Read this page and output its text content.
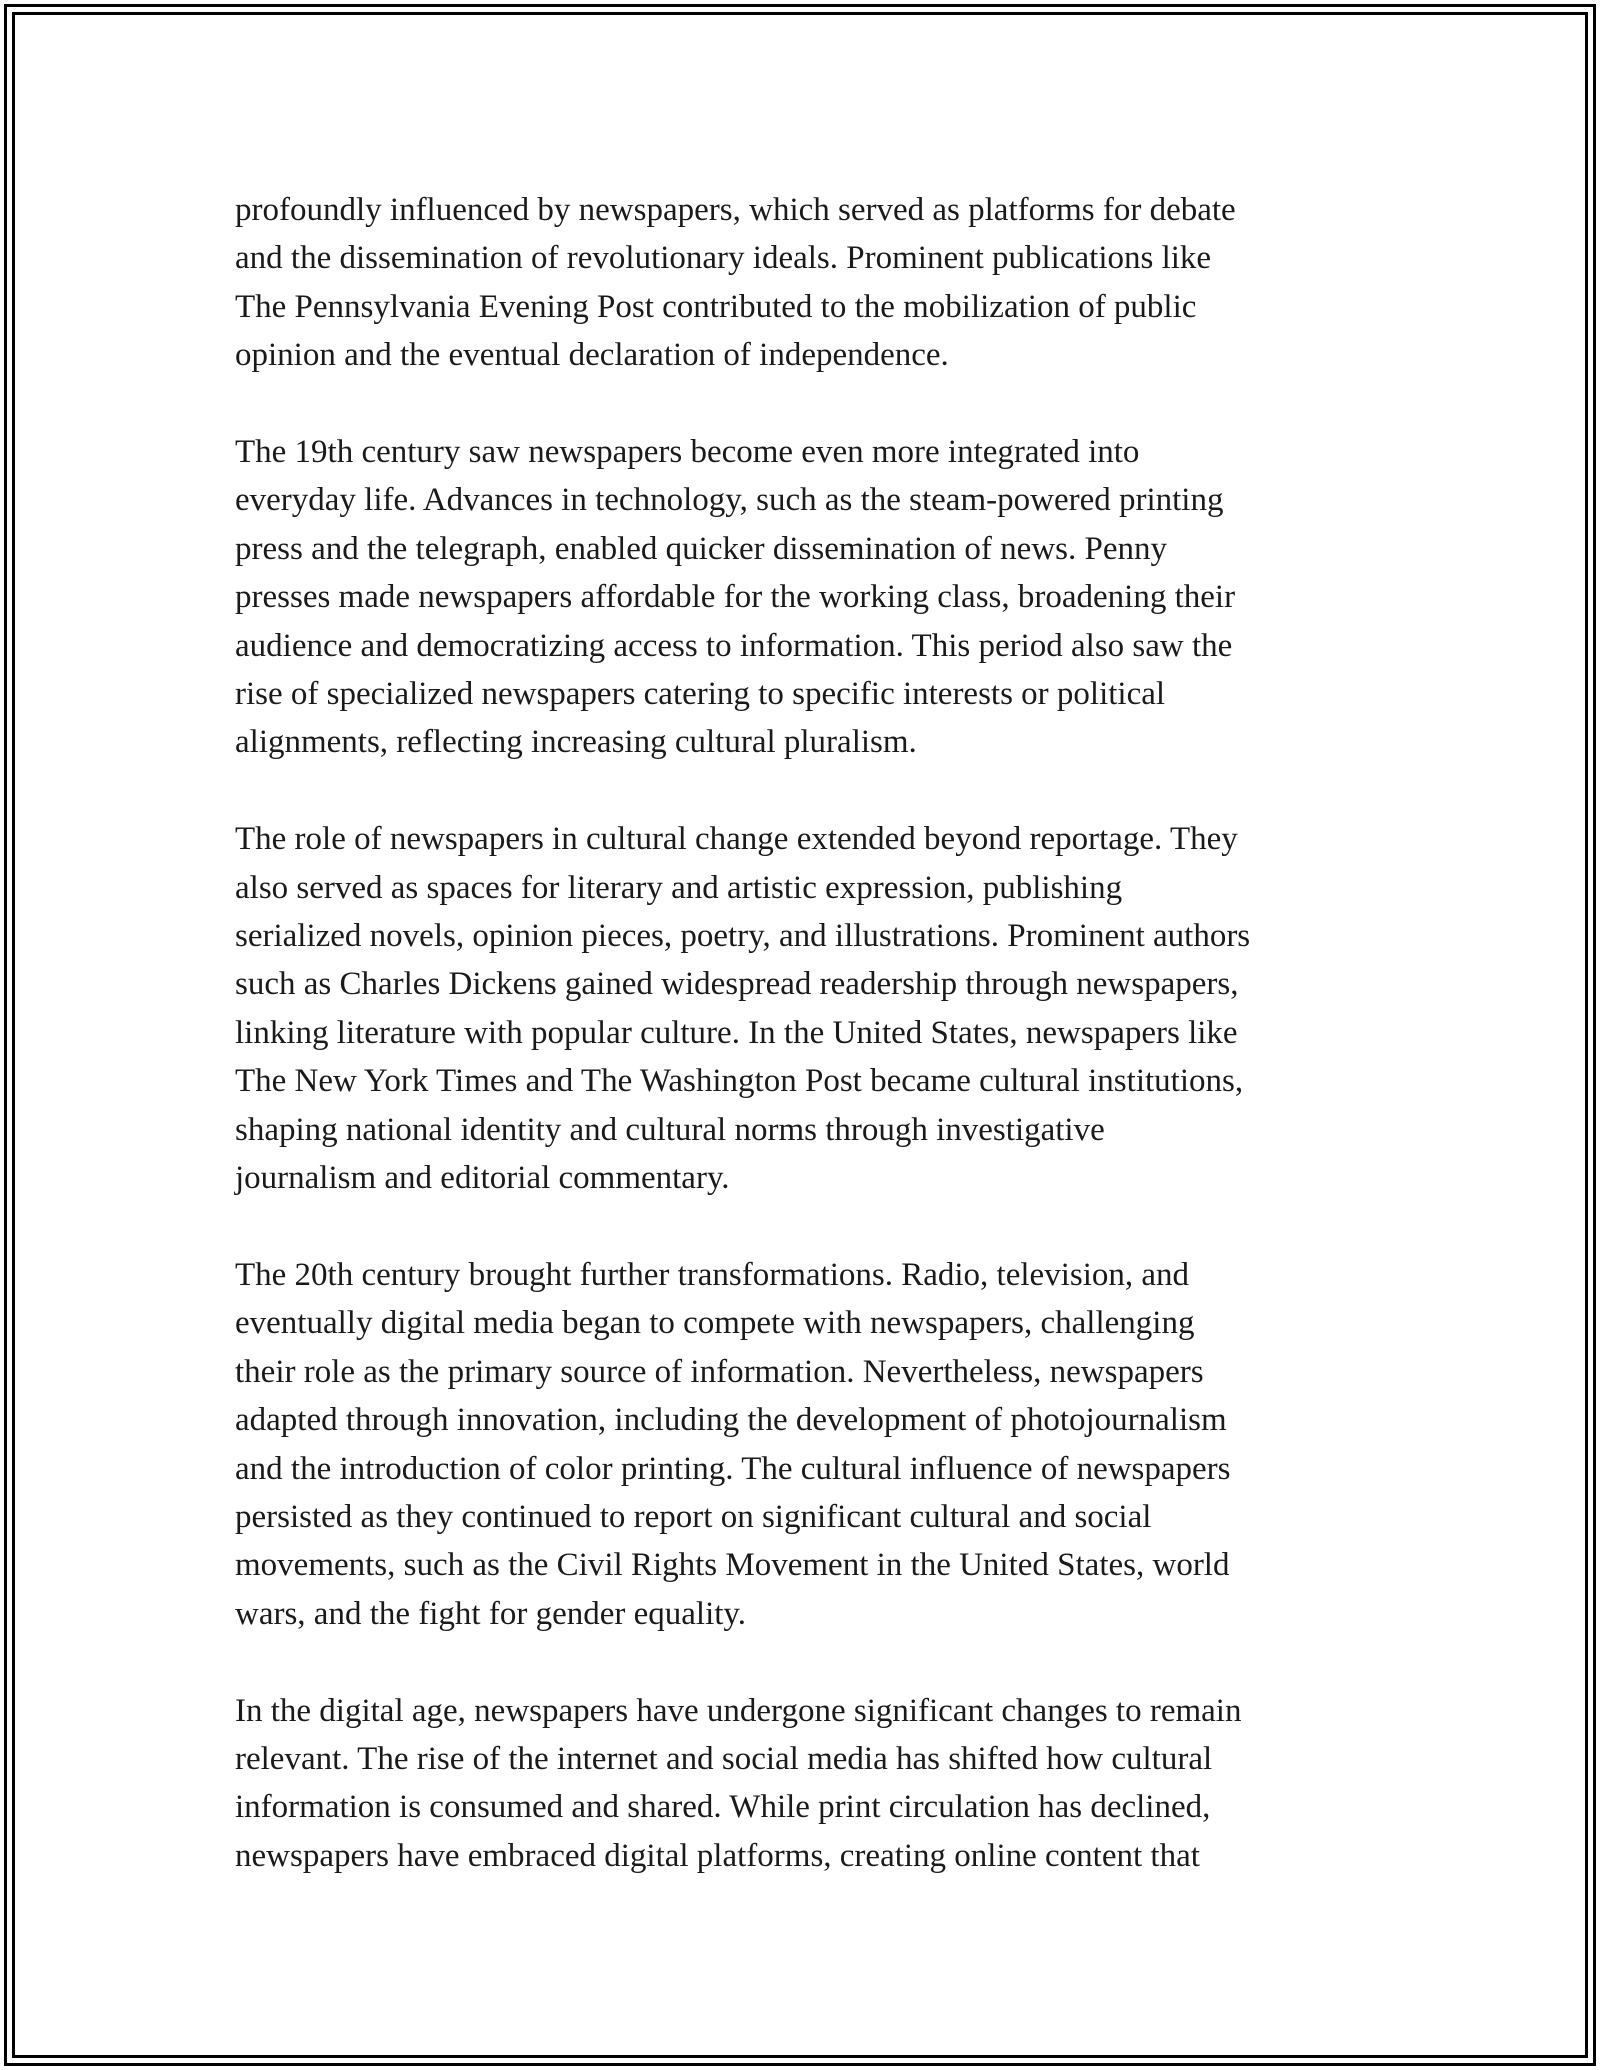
profoundly influenced by newspapers, which served as platforms for debate
and the dissemination of revolutionary ideals. Prominent publications like
The Pennsylvania Evening Post contributed to the mobilization of public
opinion and the eventual declaration of independence.

The 19th century saw newspapers become even more integrated into
everyday life. Advances in technology, such as the steam-powered printing
press and the telegraph, enabled quicker dissemination of news. Penny
presses made newspapers affordable for the working class, broadening their
audience and democratizing access to information. This period also saw the
rise of specialized newspapers catering to specific interests or political
alignments, reflecting increasing cultural pluralism.

The role of newspapers in cultural change extended beyond reportage. They
also served as spaces for literary and artistic expression, publishing
serialized novels, opinion pieces, poetry, and illustrations. Prominent authors
such as Charles Dickens gained widespread readership through newspapers,
linking literature with popular culture. In the United States, newspapers like
The New York Times and The Washington Post became cultural institutions,
shaping national identity and cultural norms through investigative
journalism and editorial commentary.

The 20th century brought further transformations. Radio, television, and
eventually digital media began to compete with newspapers, challenging
their role as the primary source of information. Nevertheless, newspapers
adapted through innovation, including the development of photojournalism
and the introduction of color printing. The cultural influence of newspapers
persisted as they continued to report on significant cultural and social
movements, such as the Civil Rights Movement in the United States, world
wars, and the fight for gender equality.

In the digital age, newspapers have undergone significant changes to remain
relevant. The rise of the internet and social media has shifted how cultural
information is consumed and shared. While print circulation has declined,
newspapers have embraced digital platforms, creating online content that
